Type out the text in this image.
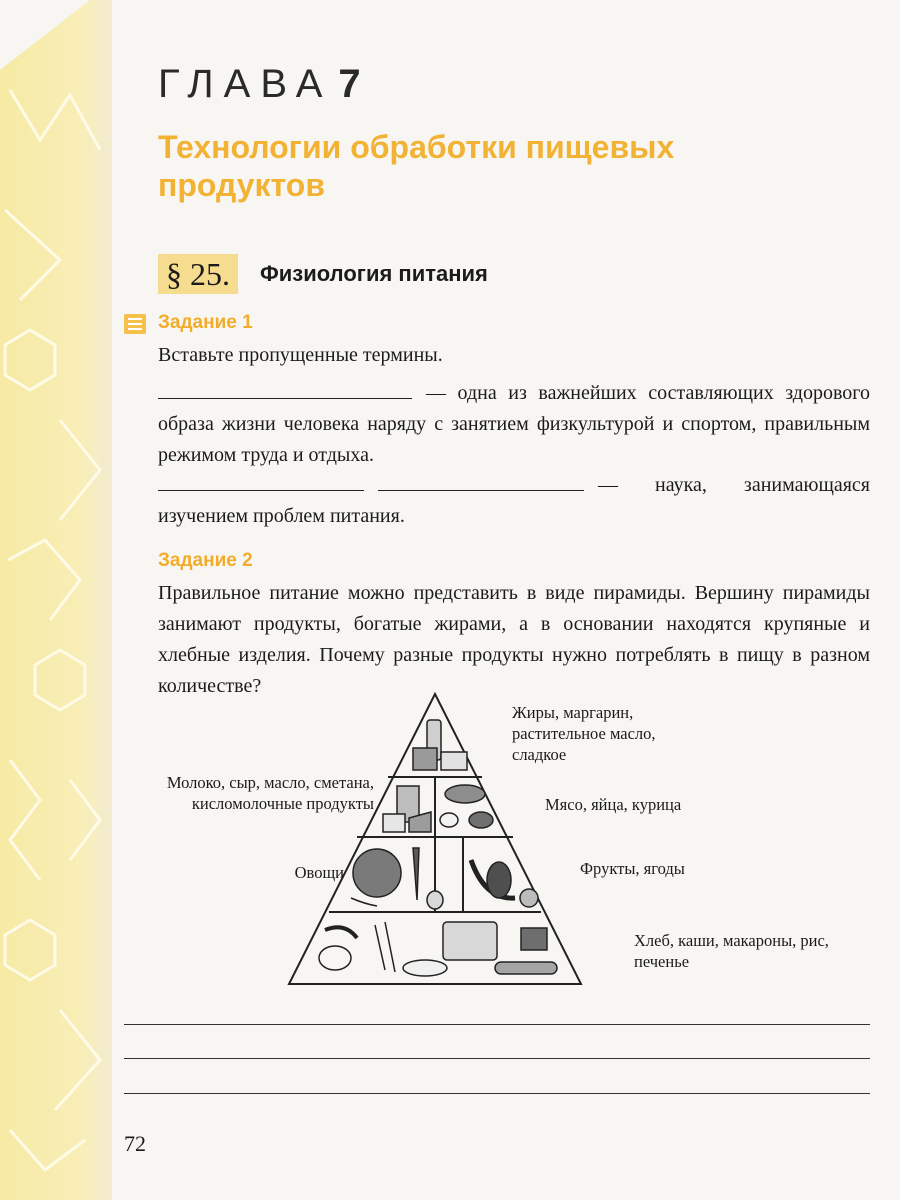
ГЛАВА 7
Технологии обработки пищевых продуктов
§ 25.	Физиология питания
Задание 1
Вставьте пропущенные термины.
— одна из важнейших составляющих здорового образа жизни человека наряду с занятием физкультурой и спортом, правильным режимом труда и отдыха.
— наука, занимающаяся изучением проблем питания.
Задание 2
Правильное питание можно представить в виде пирамиды. Вершину пирамиды занимают продукты, богатые жирами, а в основании находятся крупяные и хлебные изделия. Почему разные продукты нужно потреблять в пищу в разном количестве?
Жиры, маргарин, растительное масло, сладкое
Молоко, сыр, масло, сметана, кисломолочные продукты	Мясо, яйца, курица
Овощи	Фрукты, ягоды
Хлеб, каши, макароны, рис, печенье
72
